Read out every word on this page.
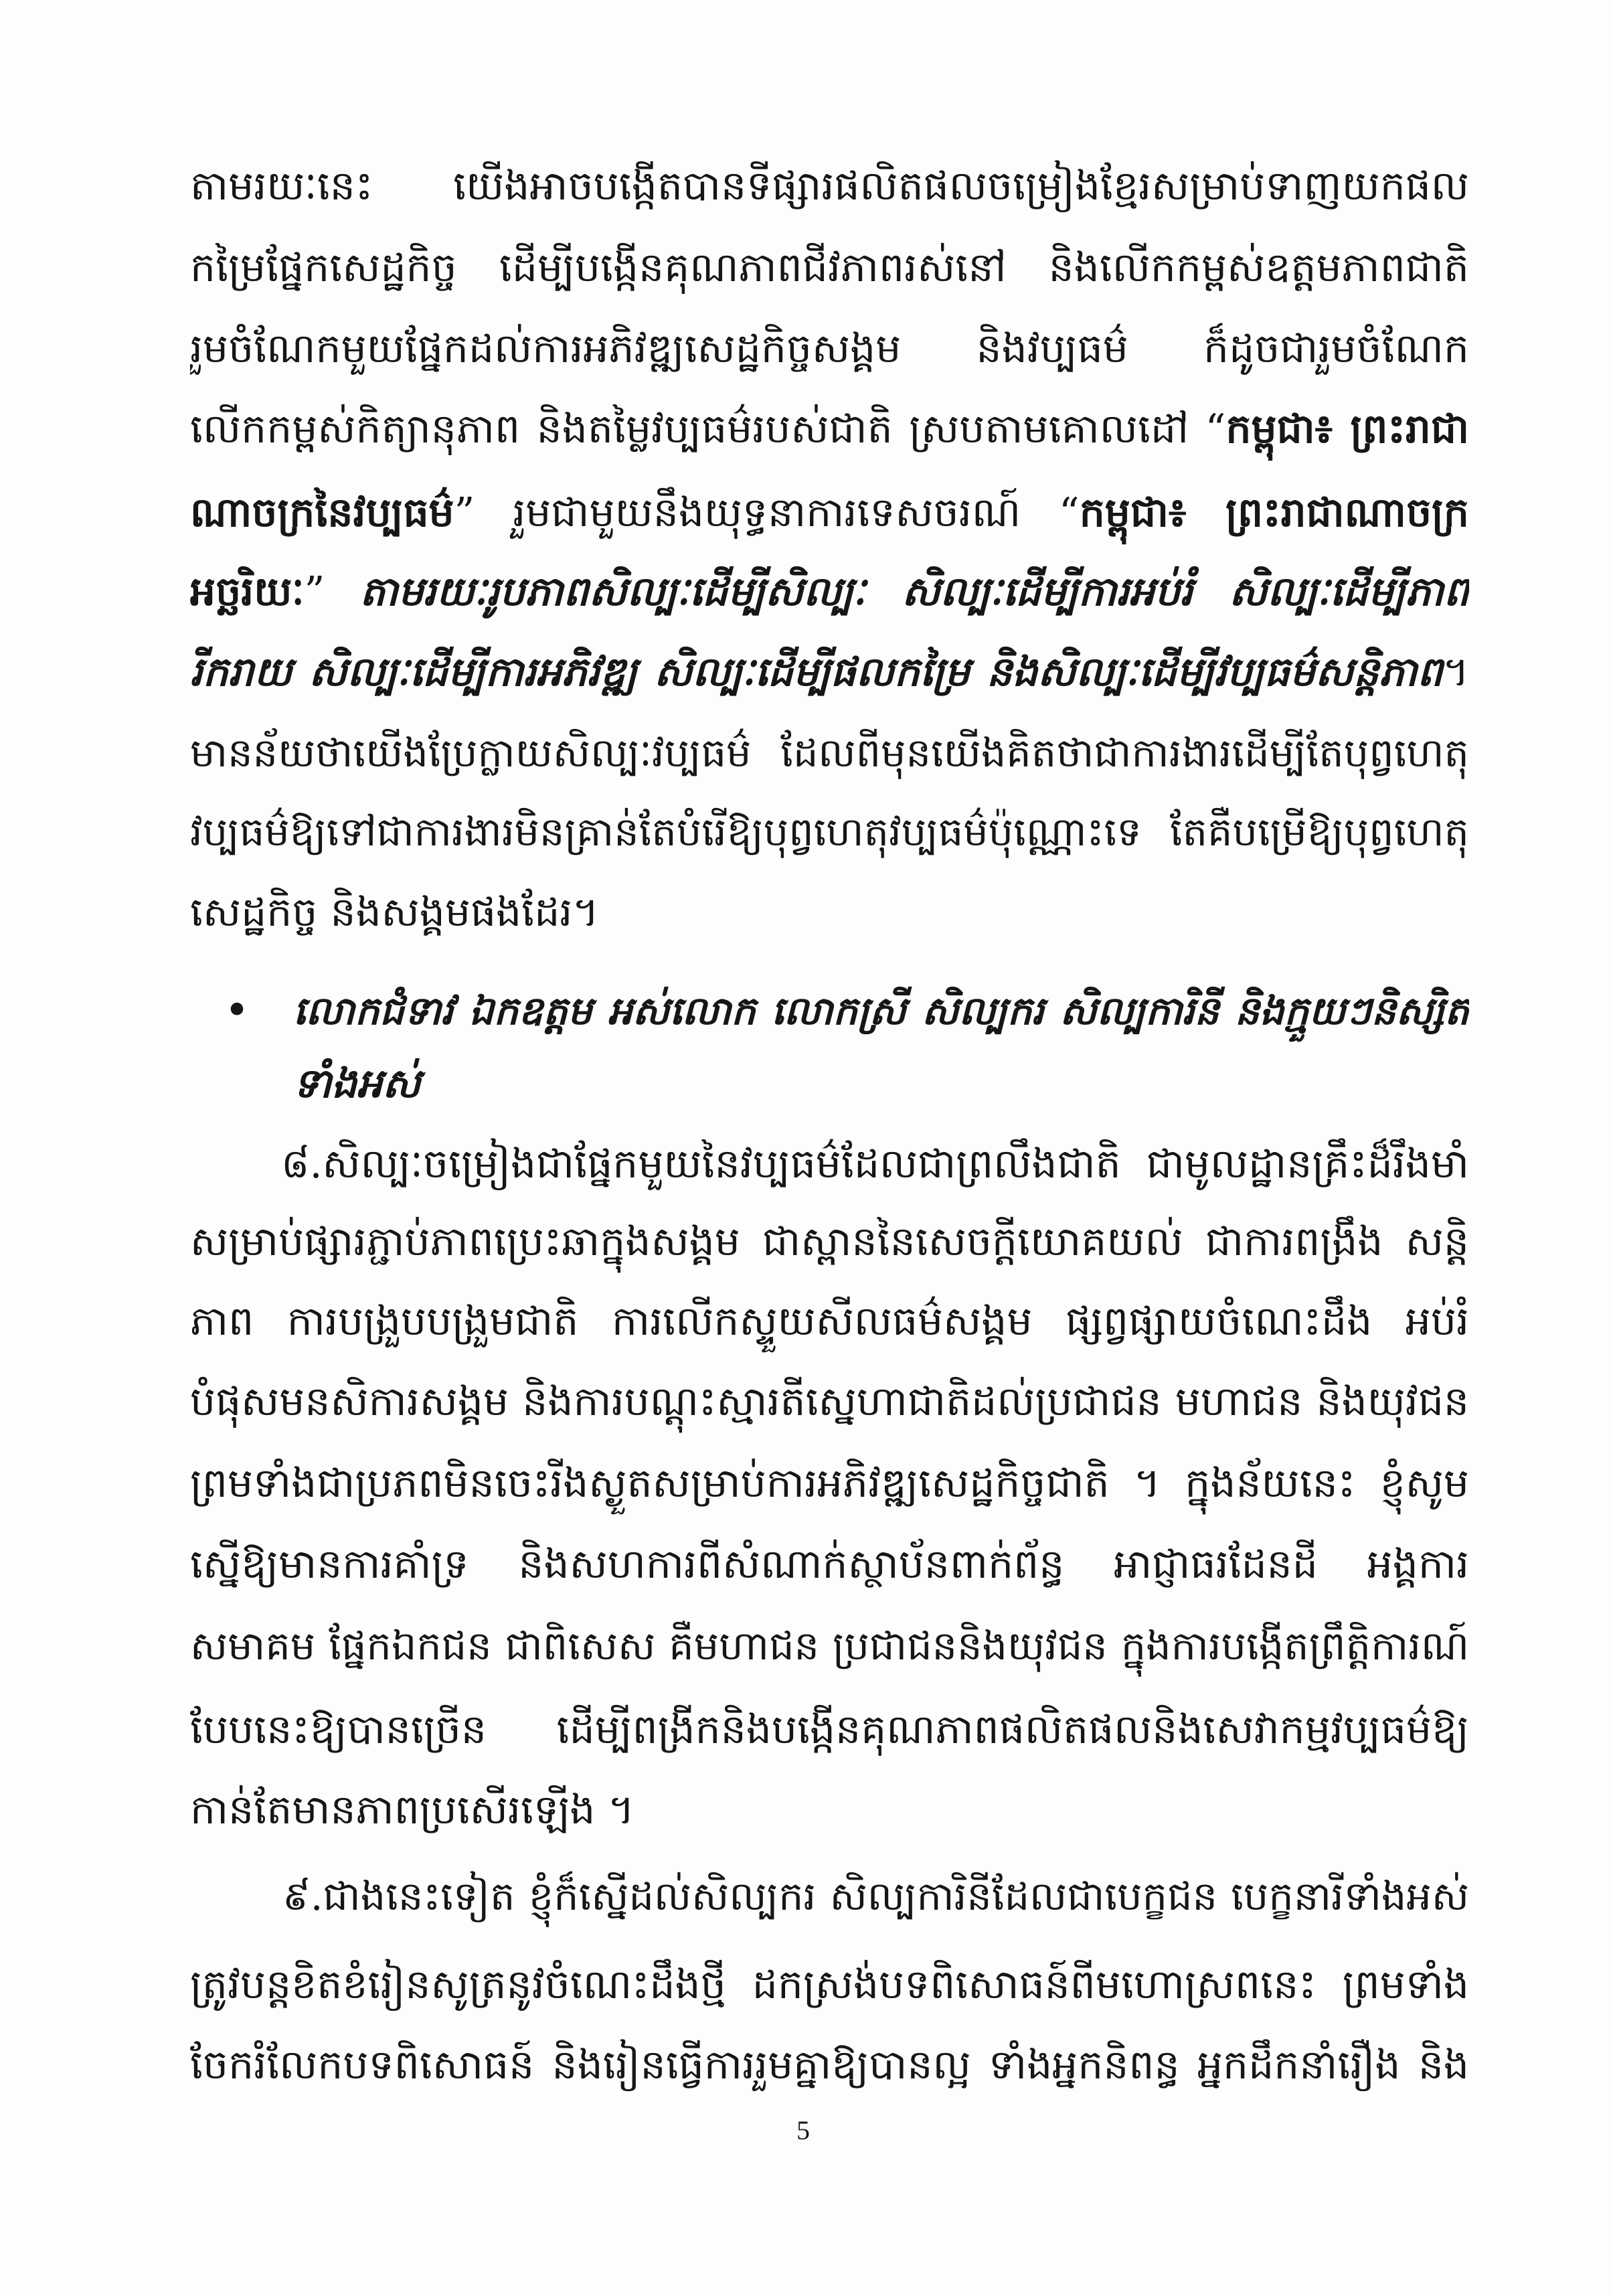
តាមរយៈនេះ យើងអាចបង្កើតបានទីផ្សារផលិតផលចម្រៀងខ្មែរសម្រាប់ទាញយកផល
កម្រៃផ្នែកសេដ្ឋកិច្ច ដើម្បីបង្កើនគុណភាពជីវភាពរស់នៅ និងលើកកម្ពស់ឧត្តមភាពជាតិ
រួមចំណែកមួយផ្នែកដល់ការអភិវឌ្ឍសេដ្ឋកិច្ចសង្គម និងវប្បធម៌ ក៏ដូចជារួមចំណែក
លើកកម្ពស់កិត្យានុភាព និងតម្លៃវប្បធម៌របស់ជាតិ ស្របតាមគោលដៅ “កម្ពុជា៖ ព្រះរាជា
ណាចក្រនៃវប្បធម៌” រួមជាមួយនឹងយុទ្ធនាការទេសចរណ៍ “កម្ពុជា៖ ព្រះរាជាណាចក្រ
អច្ឆរិយៈ” តាមរយៈរូបភាពសិល្បៈដើម្បីសិល្បៈ សិល្បៈដើម្បីការអប់រំ សិល្បៈដើម្បីភាព
រីករាយ សិល្បៈដើម្បីការអភិវឌ្ឍ សិល្បៈដើម្បីផលកម្រៃ និងសិល្បៈដើម្បីវប្បធម៌សន្តិភាព។
មានន័យថាយើងប្រែក្លាយសិល្បៈវប្បធម៌ ដែលពីមុនយើងគិតថាជាការងារដើម្បីតែបុព្វហេតុ
វប្បធម៌ឱ្យទៅជាការងារមិនគ្រាន់តែបំរើឱ្យបុព្វហេតុវប្បធម៌ប៉ុណ្ណោះទេ តែគឺបម្រើឱ្យបុព្វហេតុ
សេដ្ឋកិច្ច និងសង្គមផងដែរ។
• លោកជំទាវ ឯកឧត្តម អស់លោក លោកស្រី សិល្បករ សិល្បការិនី និងក្មួយៗនិស្សិត
ទាំងអស់
៨.សិល្បៈចម្រៀងជាផ្នែកមួយនៃវប្បធម៌ដែលជាព្រលឹងជាតិ ជាមូលដ្ឋានគ្រឹះដ៏រឹងមាំ
សម្រាប់ផ្សារភ្ជាប់ភាពប្រេះឆាក្នុងសង្គម ជាស្ពាននៃសេចក្តីយោគយល់ ជាការពង្រឹង សន្តិ
ភាព ការបង្រួបបង្រួមជាតិ ការលើកស្ទួយសីលធម៌សង្គម ផ្សព្វផ្សាយចំណេះដឹង អប់រំ
បំផុសមនសិការសង្គម និងការបណ្តុះស្មារតីស្នេហាជាតិដល់ប្រជាជន មហាជន និងយុវជន
ព្រមទាំងជាប្រភពមិនចេះរីងស្ងួតសម្រាប់ការអភិវឌ្ឍសេដ្ឋកិច្ចជាតិ ។ ក្នុងន័យនេះ ខ្ញុំសូម
ស្នើឱ្យមានការគាំទ្រ និងសហការពីសំណាក់ស្ថាប័នពាក់ព័ន្ធ អាជ្ញាធរដែនដី អង្គការ
សមាគម ផ្នែកឯកជន ជាពិសេស គឺមហាជន ប្រជាជននិងយុវជន ក្នុងការបង្កើតព្រឹត្តិការណ៍
បែបនេះឱ្យបានច្រើន ដើម្បីពង្រីកនិងបង្កើនគុណភាពផលិតផលនិងសេវាកម្មវប្បធម៌ឱ្យ
កាន់តែមានភាពប្រសើរឡើង ។
៩.ជាងនេះទៀត ខ្ញុំក៏ស្នើដល់សិល្បករ សិល្បការិនីដែលជាបេក្ខជន បេក្ខនារីទាំងអស់
ត្រូវបន្តខិតខំរៀនសូត្រនូវចំណេះដឹងថ្មី ដកស្រង់បទពិសោធន៍ពីមហោស្រពនេះ ព្រមទាំង
ចែករំលែកបទពិសោធន៍ និងរៀនធ្វើការរួមគ្នាឱ្យបានល្អ ទាំងអ្នកនិពន្ធ អ្នកដឹកនាំរឿង និង
5
